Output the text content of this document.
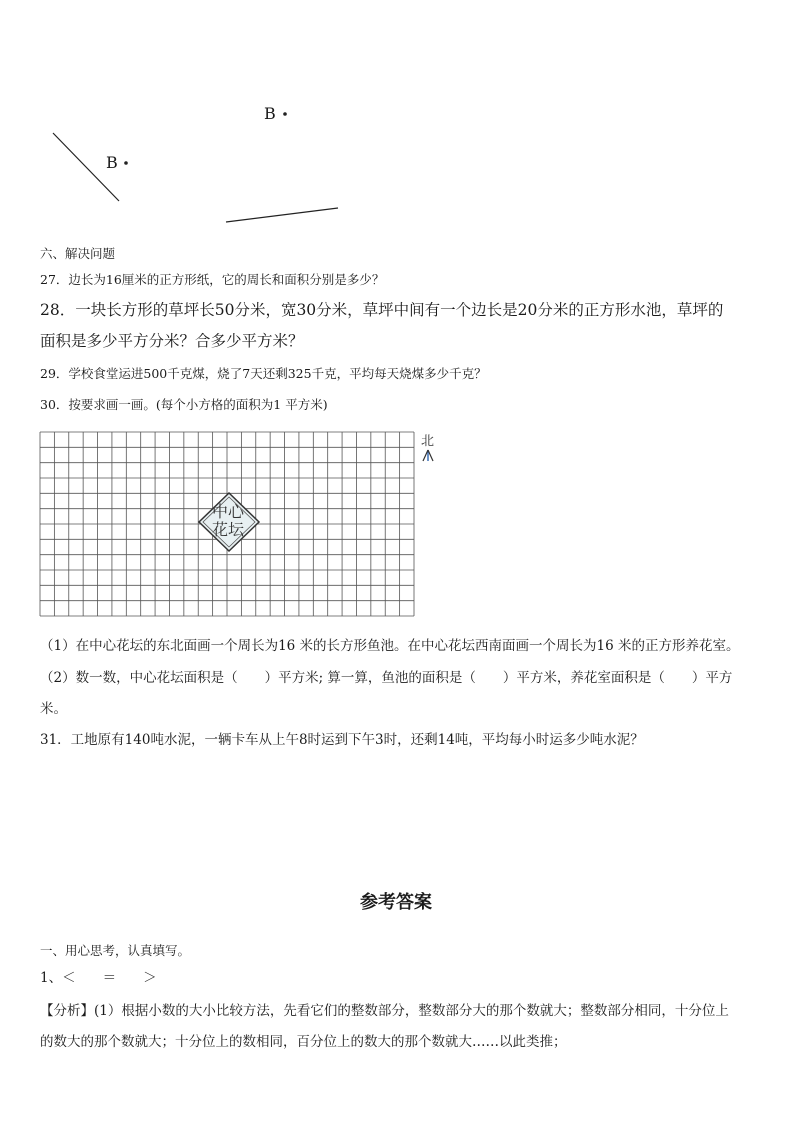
B
B
六、解决问题
27．边长为16厘米的正方形纸，它的周长和面积分别是多少？
28．一块长方形的草坪长50分米，宽30分米，草坪中间有一个边长是20分米的正方形水池，草坪的
面积是多少平方分米？合多少平方米？
29．学校食堂运进500千克煤，烧了7天还剩325千克，平均每天烧煤多少千克？
30．按要求画一画。(每个小方格的面积为1 平方米)
中心
花坛
北
（1）在中心花坛的东北面画一个周长为16 米的长方形鱼池。在中心花坛西南面画一个周长为16 米的正方形养花室。
（2）数一数，中心花坛面积是（　　）平方米; 算一算，鱼池的面积是（　　）平方米，养花室面积是（　　）平方
米。
31．工地原有140吨水泥，一辆卡车从上午8时运到下午3时，还剩14吨，平均每小时运多少吨水泥？
参考答案
一、用心思考，认真填写。
1、＜　　＝　　＞
【分析】(1）根据小数的大小比较方法，先看它们的整数部分，整数部分大的那个数就大；整数部分相同，十分位上
的数大的那个数就大；十分位上的数相同，百分位上的数大的那个数就大……以此类推；
